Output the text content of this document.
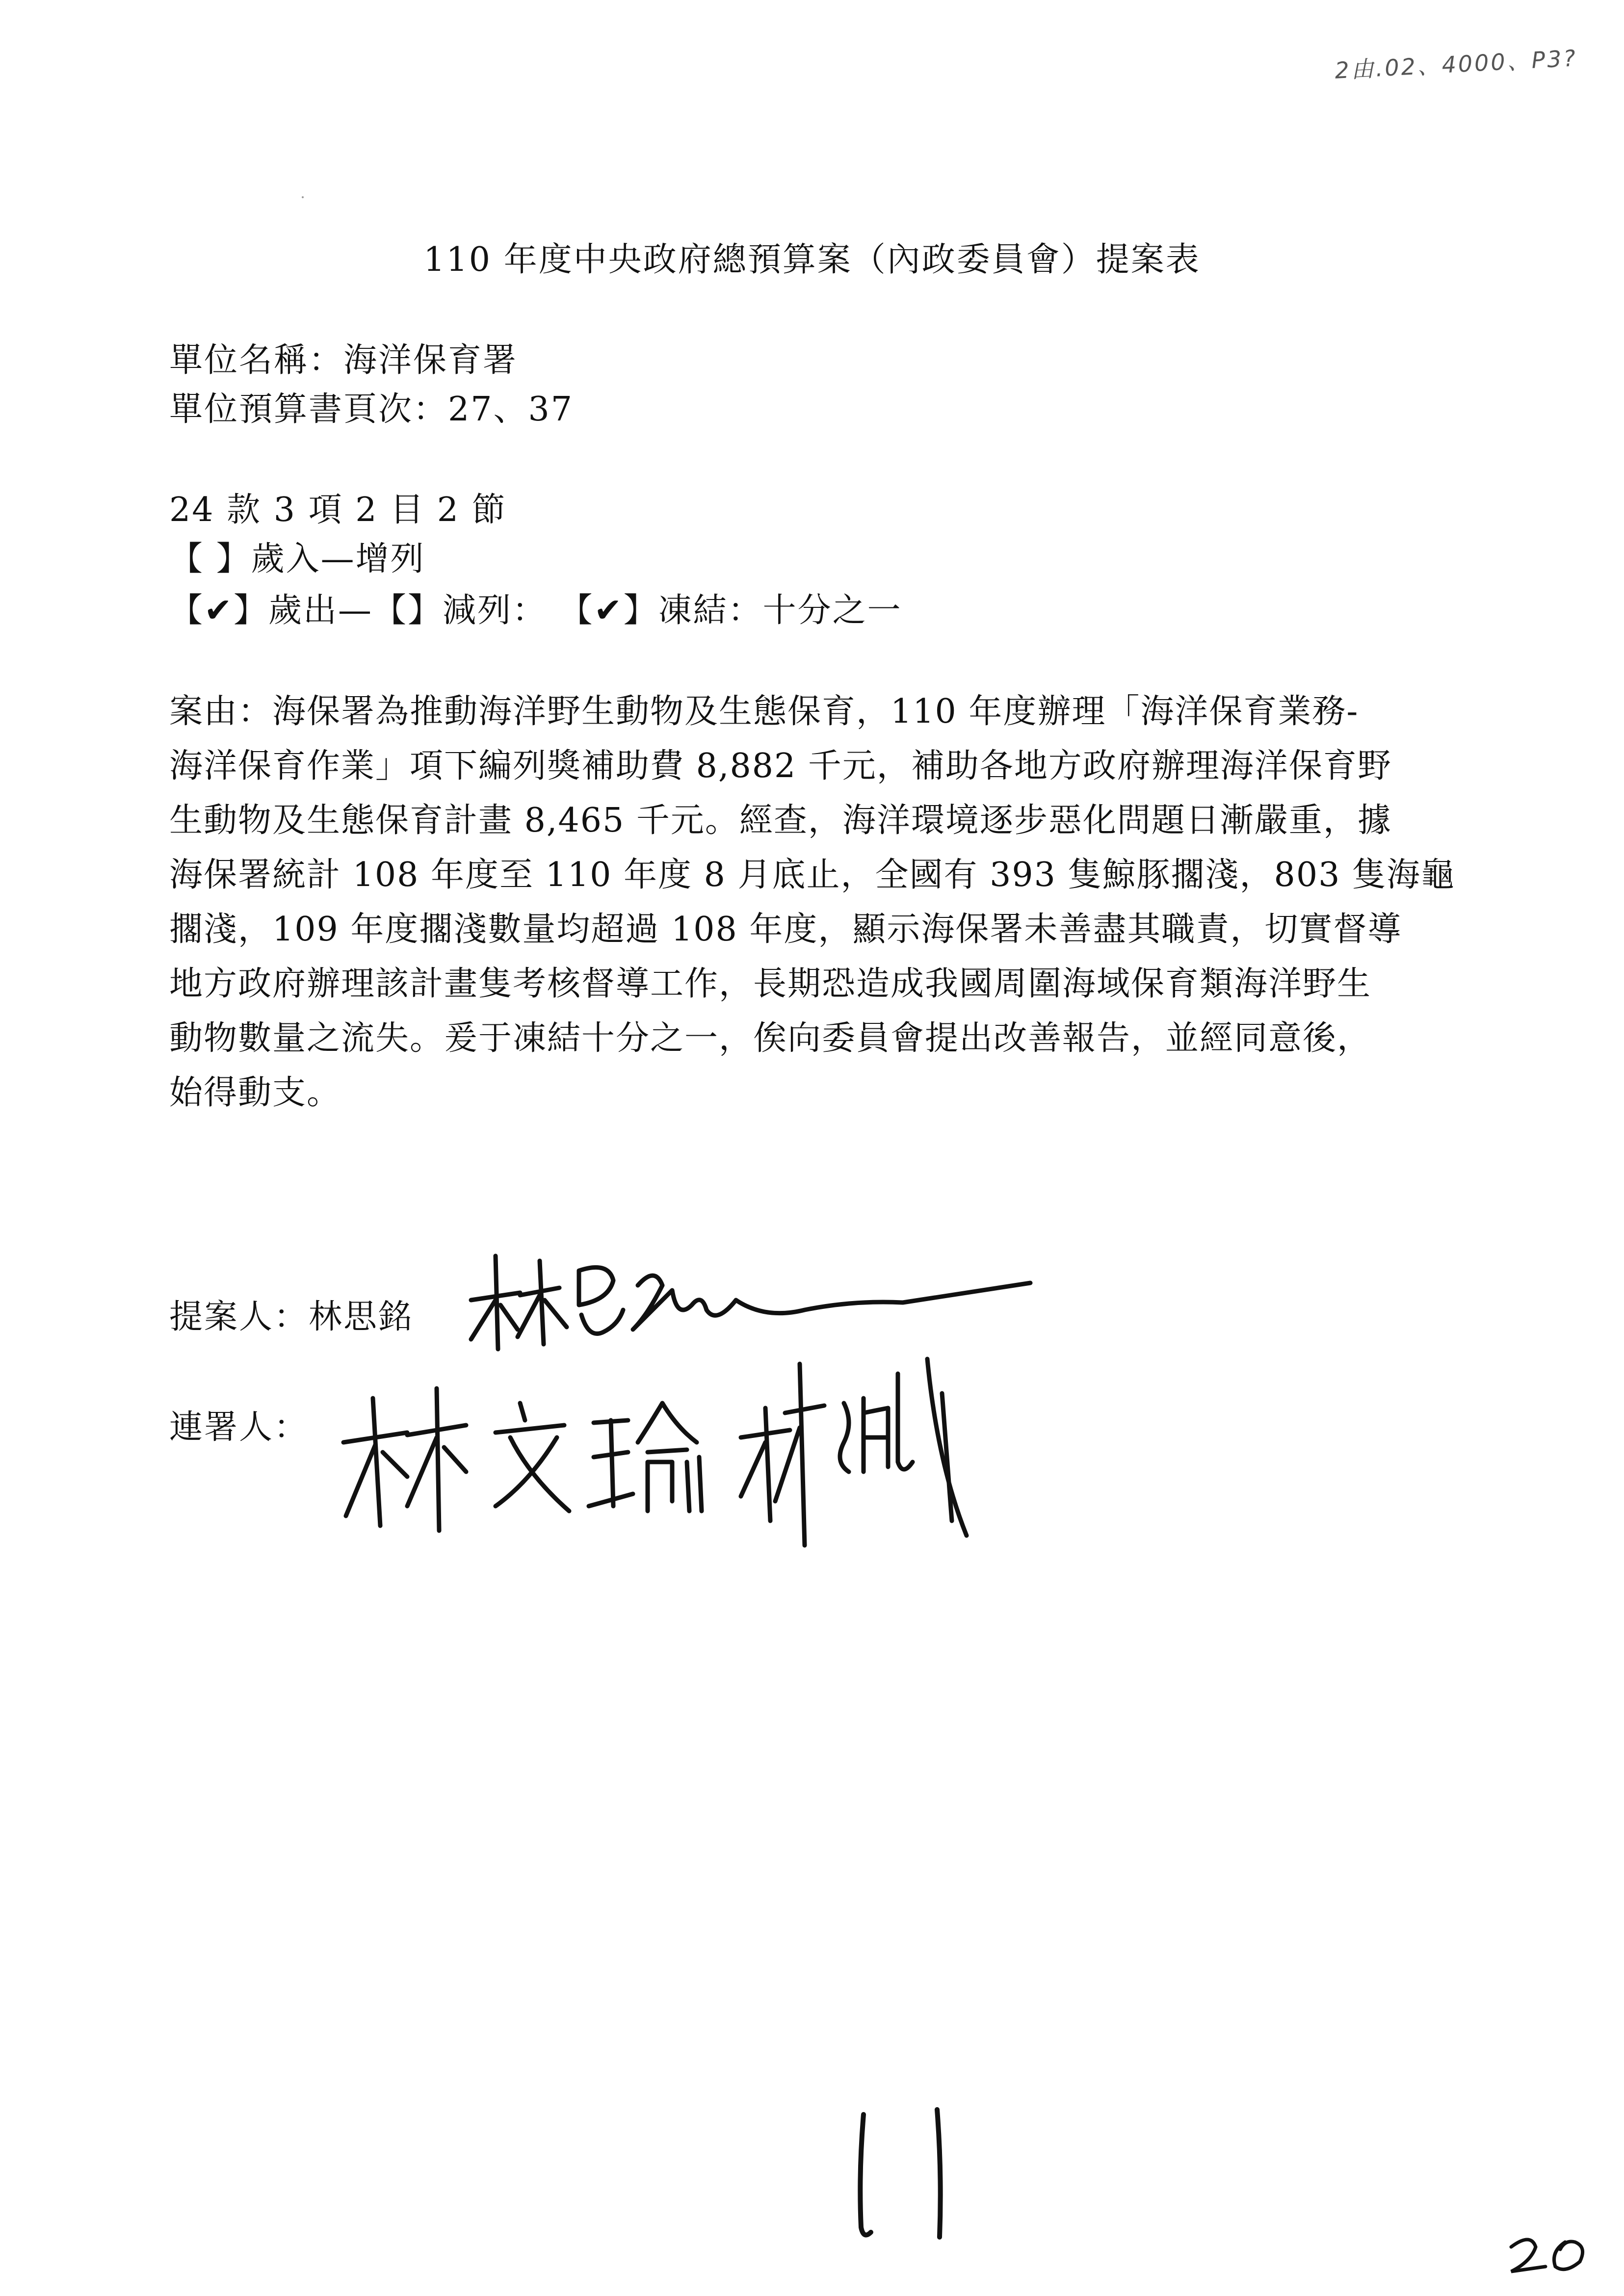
2由.02、4000、P3?
110 年度中央政府總預算案（內政委員會）提案表
單位名稱：海洋保育署
單位預算書頁次：27、37
24 款 3 項 2 目 2 節
【 】歲入—增列
【✔】歲出—【】減列： 【✔】凍結：十分之一
案由：海保署為推動海洋野生動物及生態保育，110 年度辦理「海洋保育業務-
海洋保育作業」項下編列獎補助費 8,882 千元，補助各地方政府辦理海洋保育野
生動物及生態保育計畫 8,465 千元。經查，海洋環境逐步惡化問題日漸嚴重，據
海保署統計 108 年度至 110 年度 8 月底止，全國有 393 隻鯨豚擱淺，803 隻海龜
擱淺，109 年度擱淺數量均超過 108 年度，顯示海保署未善盡其職責，切實督導
地方政府辦理該計畫隻考核督導工作，長期恐造成我國周圍海域保育類海洋野生
動物數量之流失。爰于凍結十分之一，俟向委員會提出改善報告，並經同意後，
始得動支。
提案人：林思銘
連署人：
